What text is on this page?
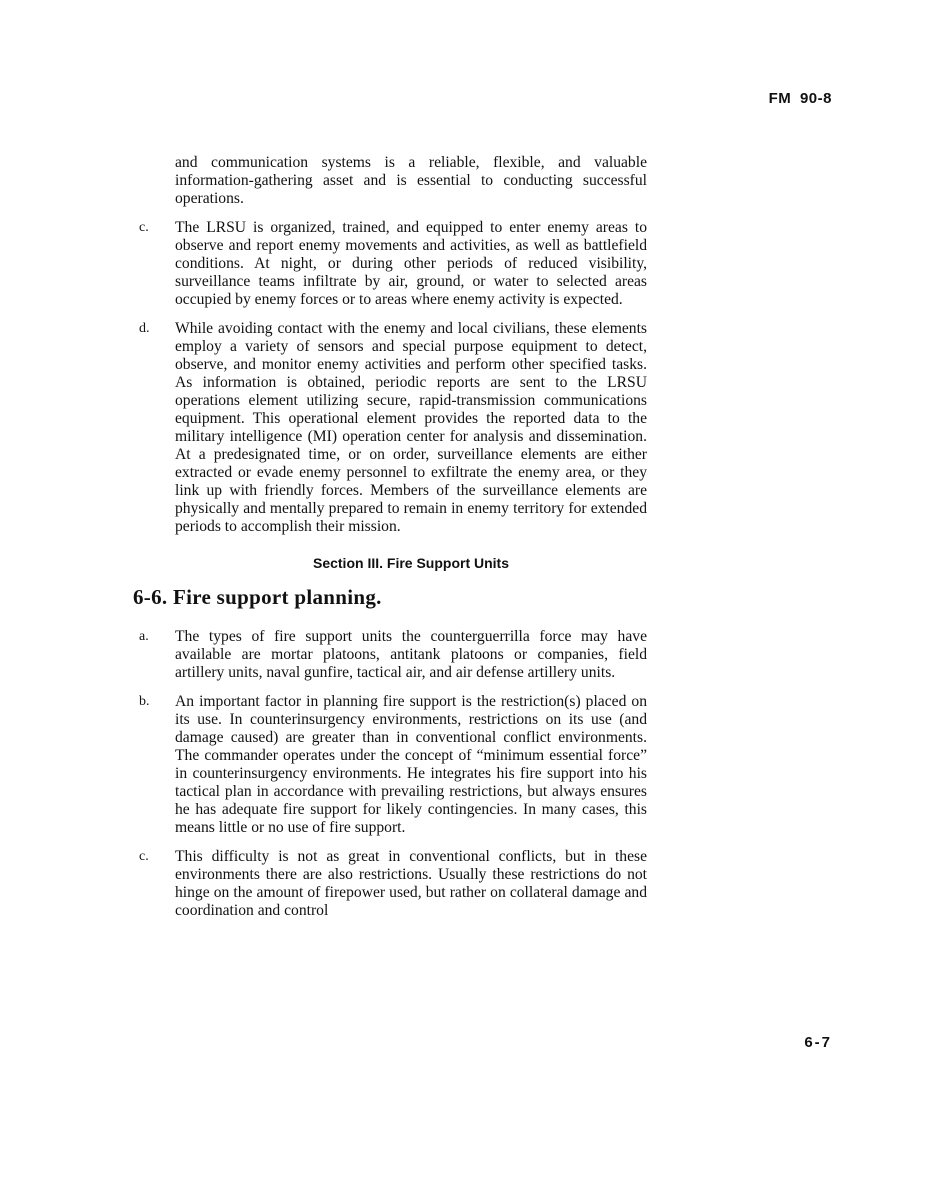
FM 90-8
and communication systems is a reliable, flexible, and valuable information-gathering asset and is essential to conducting successful operations.
c. The LRSU is organized, trained, and equipped to enter enemy areas to observe and report enemy movements and activities, as well as battlefield conditions. At night, or during other periods of reduced visibility, surveillance teams infiltrate by air, ground, or water to selected areas occupied by enemy forces or to areas where enemy activity is expected.
d. While avoiding contact with the enemy and local civilians, these elements employ a variety of sensors and special purpose equipment to detect, observe, and monitor enemy activities and perform other specified tasks. As information is obtained, periodic reports are sent to the LRSU operations element utilizing secure, rapid-transmission communications equipment. This operational element provides the reported data to the military intelligence (MI) operation center for analysis and dissemination. At a predesignated time, or on order, surveillance elements are either extracted or evade enemy personnel to exfiltrate the enemy area, or they link up with friendly forces. Members of the surveillance elements are physically and mentally prepared to remain in enemy territory for extended periods to accomplish their mission.
Section III. Fire Support Units
6-6. Fire support planning.
a. The types of fire support units the counterguerrilla force may have available are mortar platoons, antitank platoons or companies, field artillery units, naval gunfire, tactical air, and air defense artillery units.
b. An important factor in planning fire support is the restriction(s) placed on its use. In counterinsurgency environments, restrictions on its use (and damage caused) are greater than in conventional conflict environments. The commander operates under the concept of “minimum essential force” in counterinsurgency environments. He integrates his fire support into his tactical plan in accordance with prevailing restrictions, but always ensures he has adequate fire support for likely contingencies. In many cases, this means little or no use of fire support.
c. This difficulty is not as great in conventional conflicts, but in these environments there are also restrictions. Usually these restrictions do not hinge on the amount of firepower used, but rather on collateral damage and coordination and control
6-7
